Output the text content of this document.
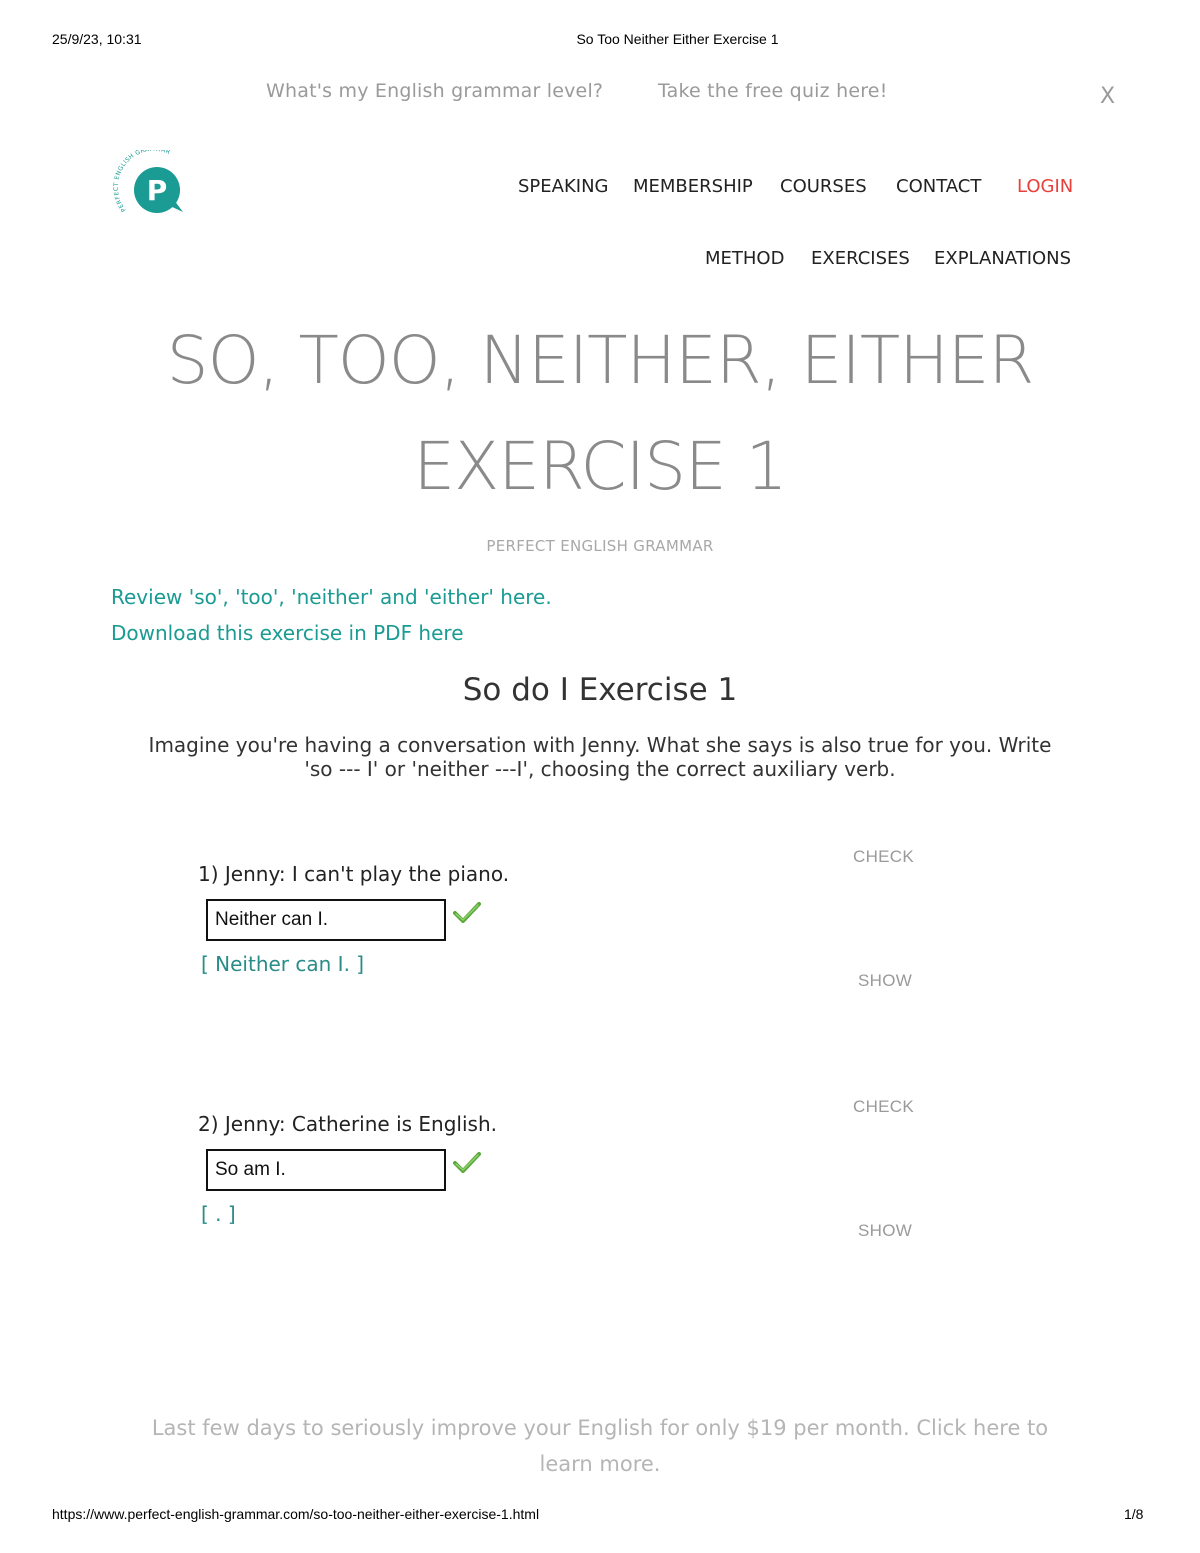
25/9/23, 10:31	So Too Neither Either Exercise 1
What's my English grammar level?	Take the free quiz here!	X
PERFECT ENGLISH GR AR
P	SPEAKING MEMBERSHIP COURSES CONTACT LOGIN
METHOD EXERCISES EXPLANATIONS
SO, TOO, NEITHER, EITHER
EXERCISE 1
PERFECT ENGLISH GRAMMAR
Review 'so', 'too', 'neither' and 'either' here.
Download this exercise in PDF here
So do I Exercise 1
Imagine you're having a conversation with Jenny. What she says is also true for you. Write 'so --- I' or 'neither ---I', choosing the correct auxiliary verb.
CHECK
1) Jenny: I can't play the piano.
Neither can I.
[ Neither can I. ]
SHOW
CHECK
2) Jenny: Catherine is English.
So am I.
[ . ]
SHOW
Last few days to seriously improve your English for only $19 per month. Click here to learn more.
https://www.perfect-english-grammar.com/so-too-neither-either-exercise-1.html	1/8
